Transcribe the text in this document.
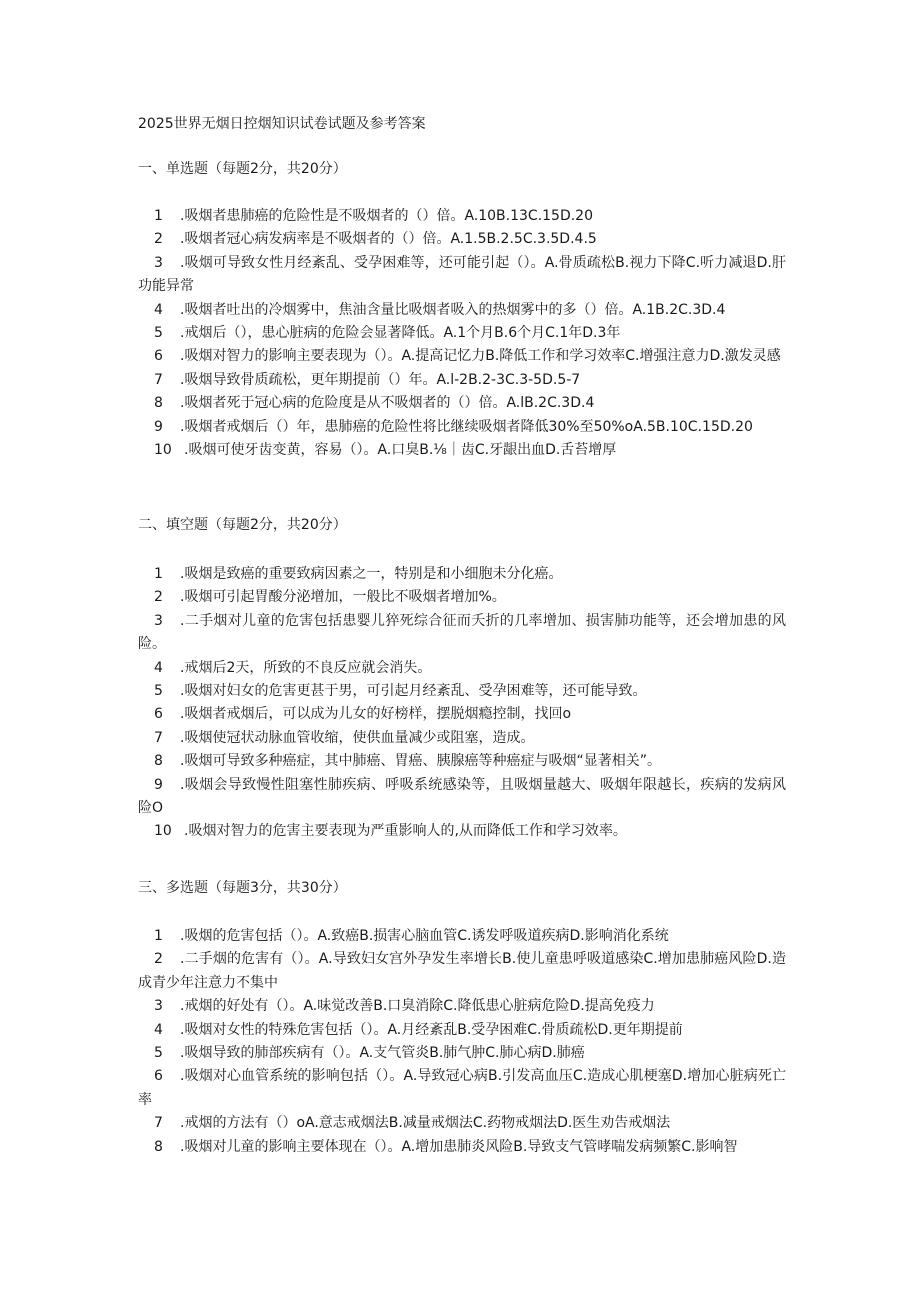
2025世界无烟日控烟知识试卷试题及参考答案
一、单选题（每题2分，共20分）
1 .吸烟者患肺癌的危险性是不吸烟者的（）倍。A.10B.13C.15D.20
2 .吸烟者冠心病发病率是不吸烟者的（）倍。A.1.5B.2.5C.3.5D.4.5
3 .吸烟可导致女性月经紊乱、受孕困难等，还可能引起（）。A.骨质疏松B.视力下降C.听力减退D.肝功能异常
4 .吸烟者吐出的冷烟雾中，焦油含量比吸烟者吸入的热烟雾中的多（）倍。A.1B.2C.3D.4
5 .戒烟后（），患心脏病的危险会显著降低。A.1个月B.6个月C.1年D.3年
6 .吸烟对智力的影响主要表现为（）。A.提高记忆力B.降低工作和学习效率C.增强注意力D.激发灵感
7 .吸烟导致骨质疏松，更年期提前（）年。A.l-2B.2-3C.3-5D.5-7
8 .吸烟者死于冠心病的危险度是从不吸烟者的（）倍。A.lB.2C.3D.4
9 .吸烟者戒烟后（）年，患肺癌的危险性将比继续吸烟者降低30%至50%oA.5B.10C.15D.20
10 .吸烟可使牙齿变黄，容易（）。A.口臭B.⅛｜齿C.牙龈出血D.舌苔增厚
二、填空题（每题2分，共20分）
1 .吸烟是致癌的重要致病因素之一，特别是和小细胞未分化癌。
2 .吸烟可引起胃酸分泌增加，一般比不吸烟者增加%。
3 .二手烟对儿童的危害包括患婴儿猝死综合征而夭折的几率增加、损害肺功能等，还会增加患的风险。
4 .戒烟后2天，所致的不良反应就会消失。
5 .吸烟对妇女的危害更甚于男，可引起月经紊乱、受孕困难等，还可能导致。
6 .吸烟者戒烟后，可以成为儿女的好榜样，摆脱烟瘾控制，找回o
7 .吸烟使冠状动脉血管收缩，使供血量减少或阻塞，造成。
8 .吸烟可导致多种癌症，其中肺癌、胃癌、胰腺癌等种癌症与吸烟“显著相关”。
9 .吸烟会导致慢性阻塞性肺疾病、呼吸系统感染等，且吸烟量越大、吸烟年限越长，疾病的发病风险O
10 .吸烟对智力的危害主要表现为严重影响人的,从而降低工作和学习效率。
三、多选题（每题3分，共30分）
1 .吸烟的危害包括（）。A.致癌B.损害心脑血管C.诱发呼吸道疾病D.影响消化系统
2 .二手烟的危害有（）。A.导致妇女宫外孕发生率增长B.使儿童患呼吸道感染C.增加患肺癌风险D.造成青少年注意力不集中
3 .戒烟的好处有（）。A.味觉改善B.口臭消除C.降低患心脏病危险D.提高免疫力
4 .吸烟对女性的特殊危害包括（）。A.月经紊乱B.受孕困难C.骨质疏松D.更年期提前
5 .吸烟导致的肺部疾病有（）。A.支气管炎B.肺气肿C.肺心病D.肺癌
6 .吸烟对心血管系统的影响包括（）。A.导致冠心病B.引发高血压C.造成心肌梗塞D.增加心脏病死亡率
7 .戒烟的方法有（）oA.意志戒烟法B.减量戒烟法C.药物戒烟法D.医生劝告戒烟法
8 .吸烟对儿童的影响主要体现在（）。A.增加患肺炎风险B.导致支气管哮喘发病频繁C.影响智
